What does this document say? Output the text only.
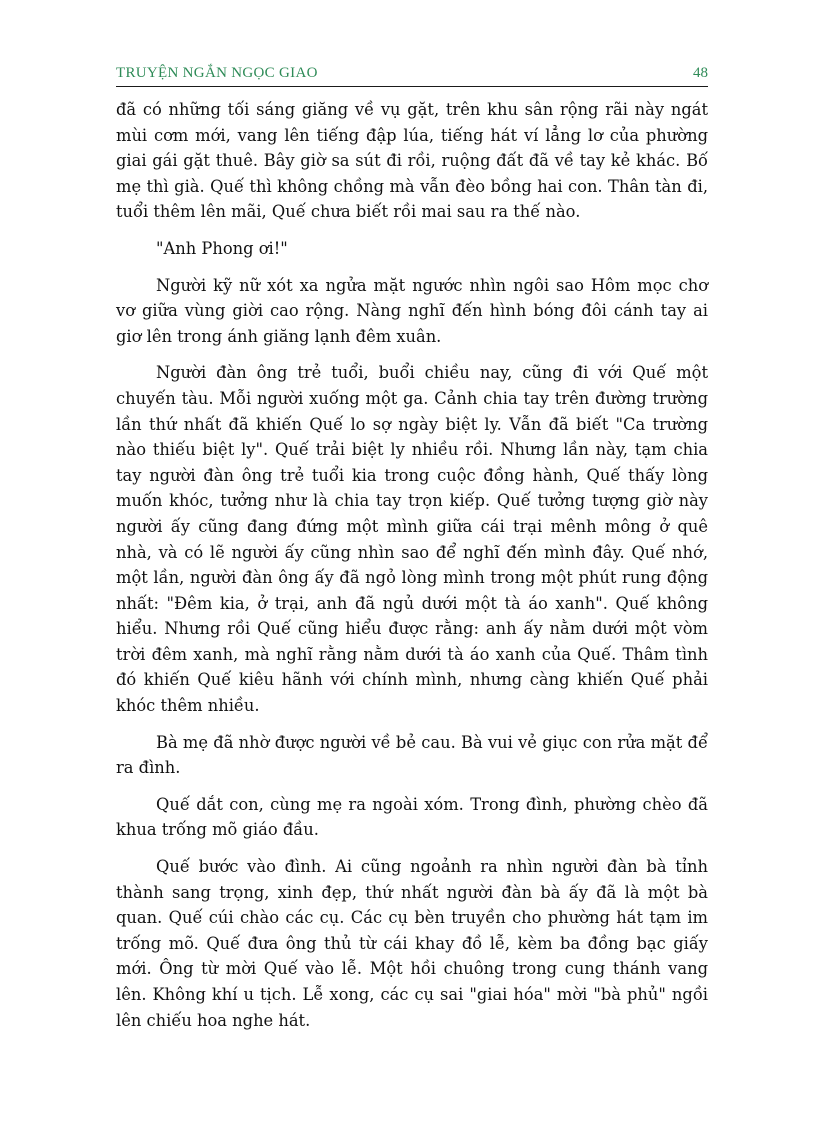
TRUYỆN NGẮN NGỌC GIAO	48

đã có những tối sáng giăng về vụ gặt, trên khu sân rộng rãi này ngát mùi cơm mới, vang lên tiếng đập lúa, tiếng hát ví lẳng lơ của phường giai gái gặt thuê. Bây giờ sa sút đi rồi, ruộng đất đã về tay kẻ khác. Bố mẹ thì già. Quế thì không chồng mà vẫn đèo bồng hai con. Thân tàn đi, tuổi thêm lên mãi, Quế chưa biết rồi mai sau ra thế nào.

"Anh Phong ơi!"

Người kỹ nữ xót xa ngửa mặt ngước nhìn ngôi sao Hôm mọc chơ vơ giữa vùng giời cao rộng. Nàng nghĩ đến hình bóng đôi cánh tay ai giơ lên trong ánh giăng lạnh đêm xuân.

Người đàn ông trẻ tuổi, buổi chiều nay, cũng đi với Quế một chuyến tàu. Mỗi người xuống một ga. Cảnh chia tay trên đường trường lần thứ nhất đã khiến Quế lo sợ ngày biệt ly. Vẫn đã biết "Ca trường nào thiếu biệt ly". Quế trải biệt ly nhiều rồi. Nhưng lần này, tạm chia tay người đàn ông trẻ tuổi kia trong cuộc đồng hành, Quế thấy lòng muốn khóc, tưởng như là chia tay trọn kiếp. Quế tưởng tượng giờ này người ấy cũng đang đứng một mình giữa cái trại mênh mông ở quê nhà, và có lẽ người ấy cũng nhìn sao để nghĩ đến mình đây. Quế nhớ, một lần, người đàn ông ấy đã ngỏ lòng mình trong một phút rung động nhất: "Đêm kia, ở trại, anh đã ngủ dưới một tà áo xanh". Quế không hiểu. Nhưng rồi Quế cũng hiểu được rằng: anh ấy nằm dưới một vòm trời đêm xanh, mà nghĩ rằng nằm dưới tà áo xanh của Quế. Thâm tình đó khiến Quế kiêu hãnh với chính mình, nhưng càng khiến Quế phải khóc thêm nhiều.

Bà mẹ đã nhờ được người về bẻ cau. Bà vui vẻ giục con rửa mặt để ra đình.

Quế dắt con, cùng mẹ ra ngoài xóm. Trong đình, phường chèo đã khua trống mõ giáo đầu.

Quế bước vào đình. Ai cũng ngoảnh ra nhìn người đàn bà tỉnh thành sang trọng, xinh đẹp, thứ nhất người đàn bà ấy đã là một bà quan. Quế cúi chào các cụ. Các cụ bèn truyền cho phường hát tạm im trống mõ. Quế đưa ông thủ từ cái khay đồ lễ, kèm ba đồng bạc giấy mới. Ông từ mời Quế vào lễ. Một hồi chuông trong cung thánh vang lên. Không khí u tịch. Lễ xong, các cụ sai "giai hóa" mời "bà phủ" ngồi lên chiếu hoa nghe hát.
